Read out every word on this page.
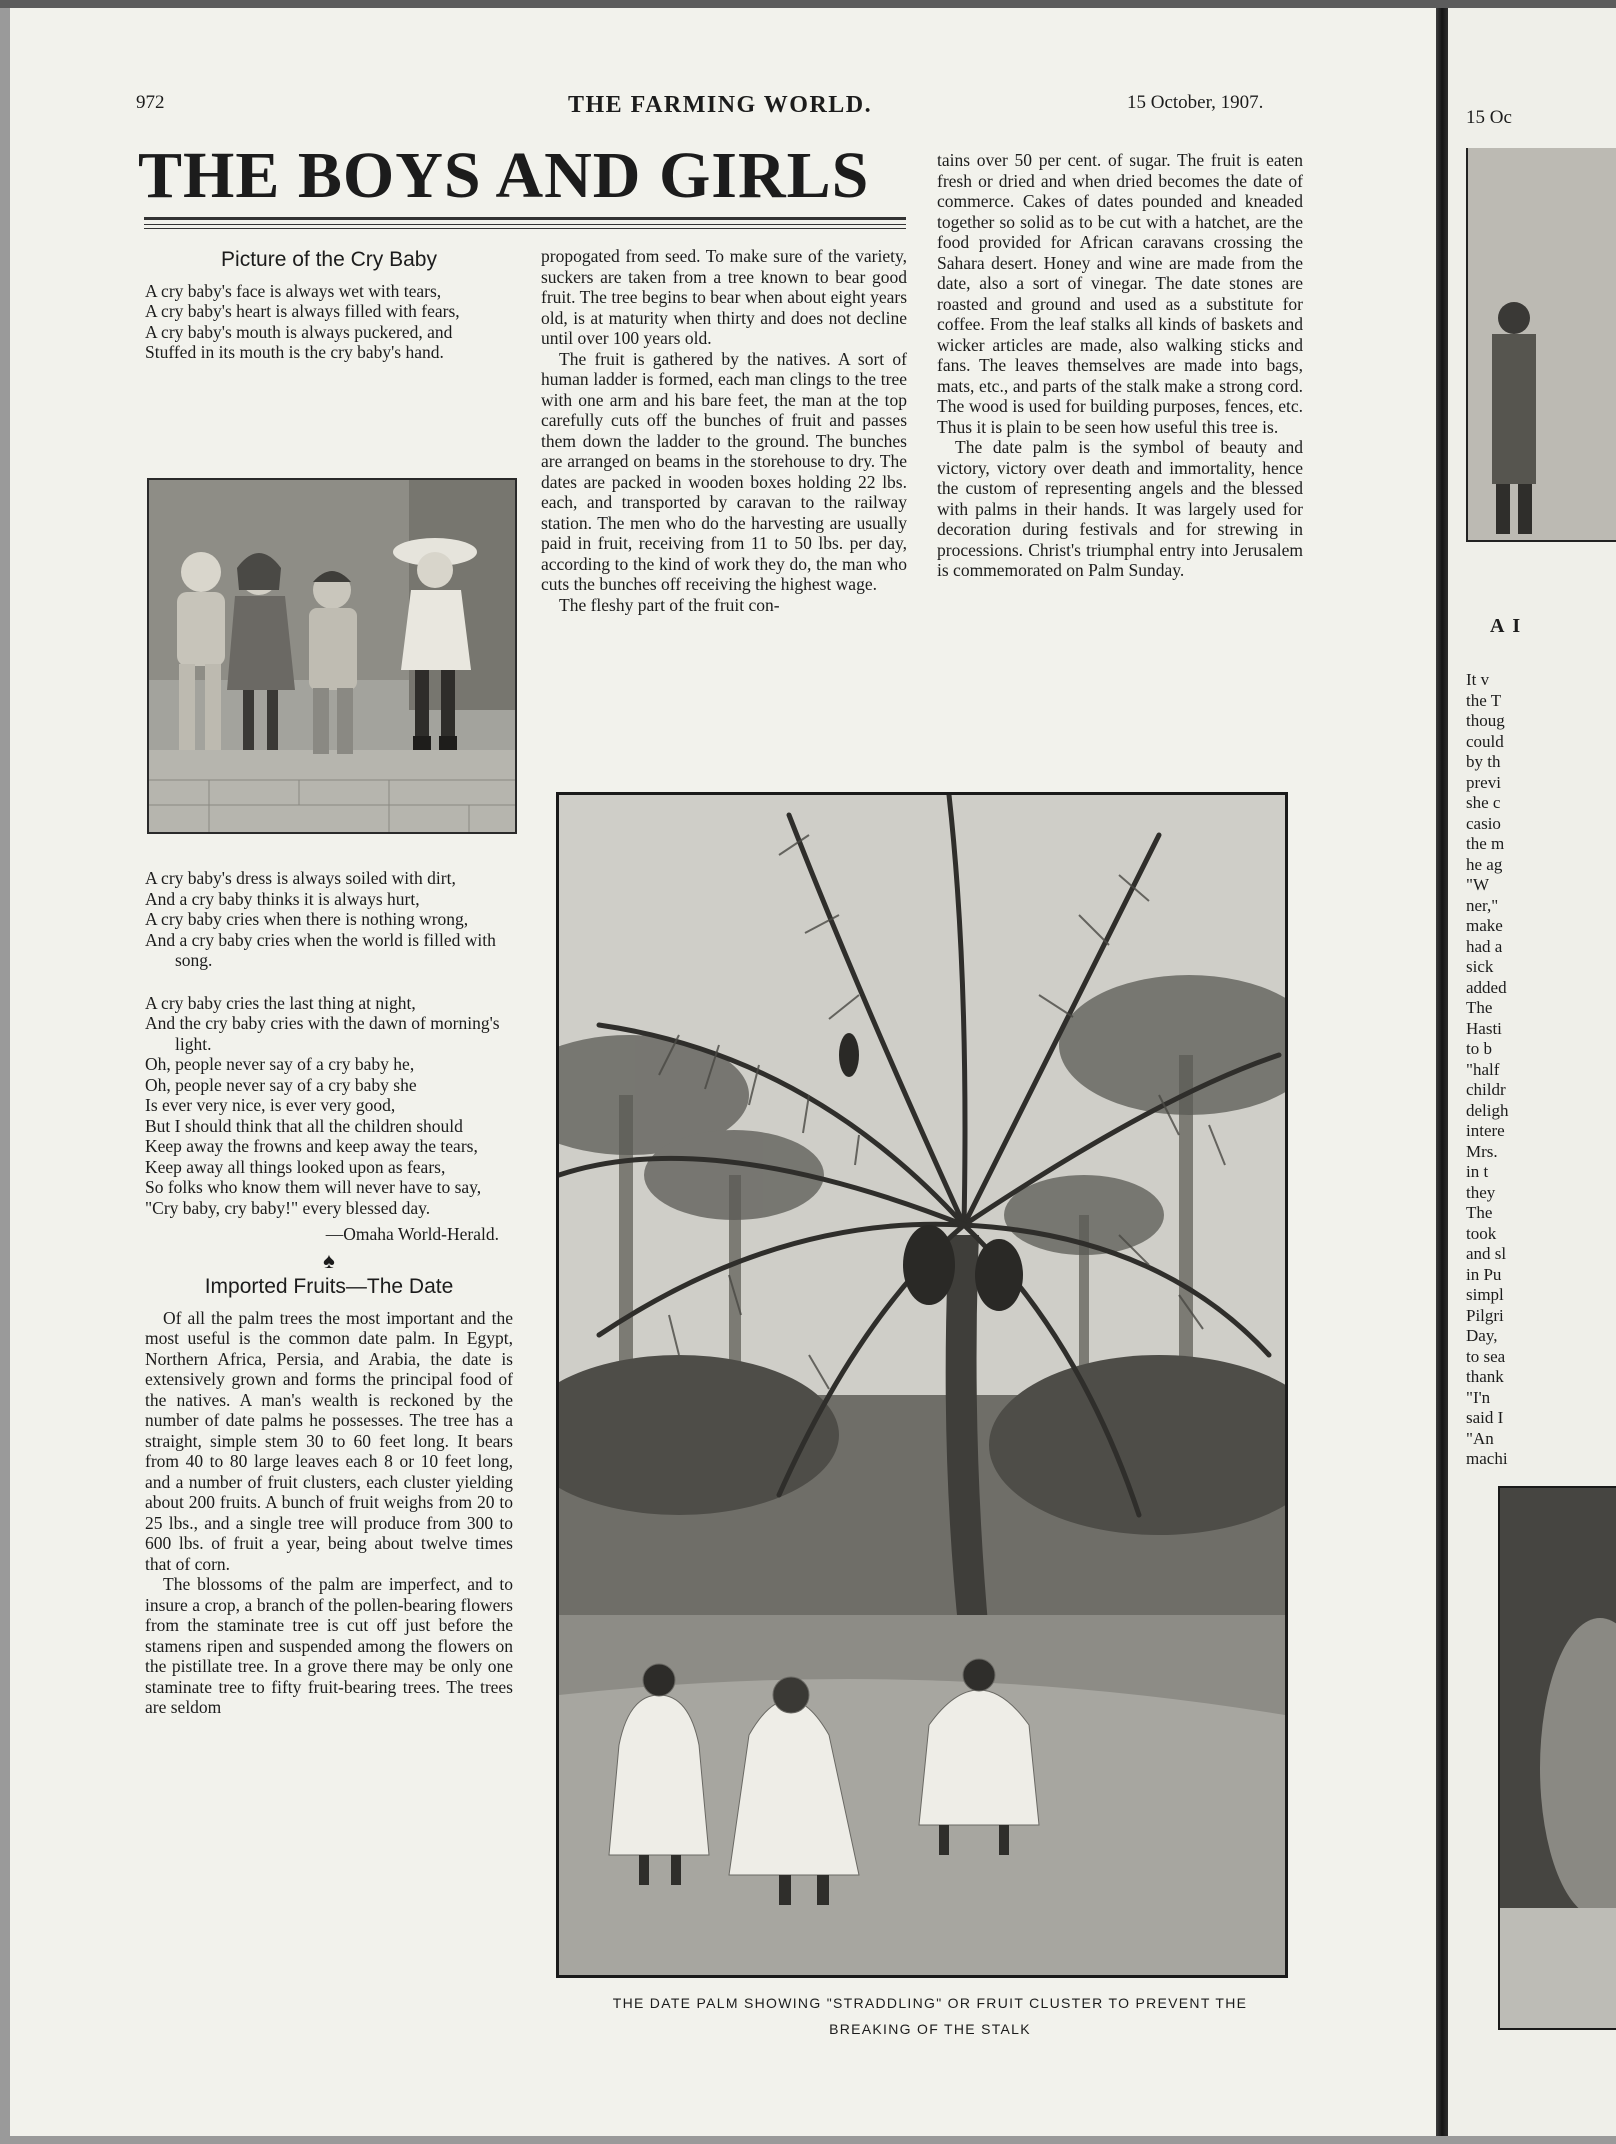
972	THE FARMING WORLD.	15 October, 1907.
THE BOYS AND GIRLS
Picture of the Cry Baby

A cry baby's face is always wet with tears,

A cry baby's heart is always filled with fears,

A cry baby's mouth is always puckered, and

Stuffed in its mouth is the cry baby's hand.

A cry baby's dress is always soiled with dirt,

And a cry baby thinks it is always hurt,

A cry baby cries when there is nothing wrong,

And a cry baby cries when the world is filled with song.

A cry baby cries the last thing at night,

And the cry baby cries with the dawn of morning's light.

Oh, people never say of a cry baby he,

Oh, people never say of a cry baby she

Is ever very nice, is ever very good,

But I should think that all the children should

Keep away the frowns and keep away the tears,

Keep away all things looked upon as fears,

So folks who know them will never have to say,

"Cry baby, cry baby!" every blessed day.

—Omaha World-Herald.
♠
Imported Fruits—The Date

Of all the palm trees the most important and the most useful is the common date palm. In Egypt, Northern Africa, Persia, and Arabia, the date is extensively grown and forms the principal food of the natives. A man's wealth is reckoned by the number of date palms he possesses. The tree has a straight, simple stem 30 to 60 feet long. It bears from 40 to 80 large leaves each 8 or 10 feet long, and a number of fruit clusters, each cluster yielding about 200 fruits. A bunch of fruit weighs from 20 to 25 lbs., and a single tree will produce from 300 to 600 lbs. of fruit a year, being about twelve times that of corn.

The blossoms of the palm are imperfect, and to insure a crop, a branch of the pollen-bearing flowers from the staminate tree is cut off just before the stamens ripen and suspended among the flowers on the pistillate tree. In a grove there may be only one staminate tree to fifty fruit-bearing trees. The trees are seldom

propogated from seed. To make sure of the variety, suckers are taken from a tree known to bear good fruit. The tree begins to bear when about eight years old, is at maturity when thirty and does not decline until over 100 years old.

The fruit is gathered by the natives. A sort of human ladder is formed, each man clings to the tree with one arm and his bare feet, the man at the top carefully cuts off the bunches of fruit and passes them down the ladder to the ground. The bunches are arranged on beams in the storehouse to dry. The dates are packed in wooden boxes holding 22 lbs. each, and transported by caravan to the railway station. The men who do the harvesting are usually paid in fruit, receiving from 11 to 50 lbs. per day, according to the kind of work they do, the man who cuts the bunches off receiving the highest wage.

The fleshy part of the fruit con-

tains over 50 per cent. of sugar. The fruit is eaten fresh or dried and when dried becomes the date of commerce. Cakes of dates pounded and kneaded together so solid as to be cut with a hatchet, are the food provided for African caravans crossing the Sahara desert. Honey and wine are made from the date, also a sort of vinegar. The date stones are roasted and ground and used as a substitute for coffee. From the leaf stalks all kinds of baskets and wicker articles are made, also walking sticks and fans. The leaves themselves are made into bags, mats, etc., and parts of the stalk make a strong cord. The wood is used for building purposes, fences, etc. Thus it is plain to be seen how useful this tree is.

The date palm is the symbol of beauty and victory, victory over death and immortality, hence the custom of representing angels and the blessed with palms in their hands. It was largely used for decoration during festivals and for strewing in processions. Christ's triumphal entry into Jerusalem is commemorated on Palm Sunday.

THE DATE PALM SHOWING "STRADDLING" OR FRUIT CLUSTER TO PREVENT THE
BREAKING OF THE STALK
15 Oc
A I
It v
the T
thoug
could
by th
previ
she c
casio
the m
he ag
"W
ner,"
make
had a
sick
added
The
Hasti
to b
"half
childr
deligh
intere
Mrs.
in t
they
The
took
and sl
in Pu
simpl
Pilgri
Day,
to sea
thank
"I'n
said I
"An
machi
